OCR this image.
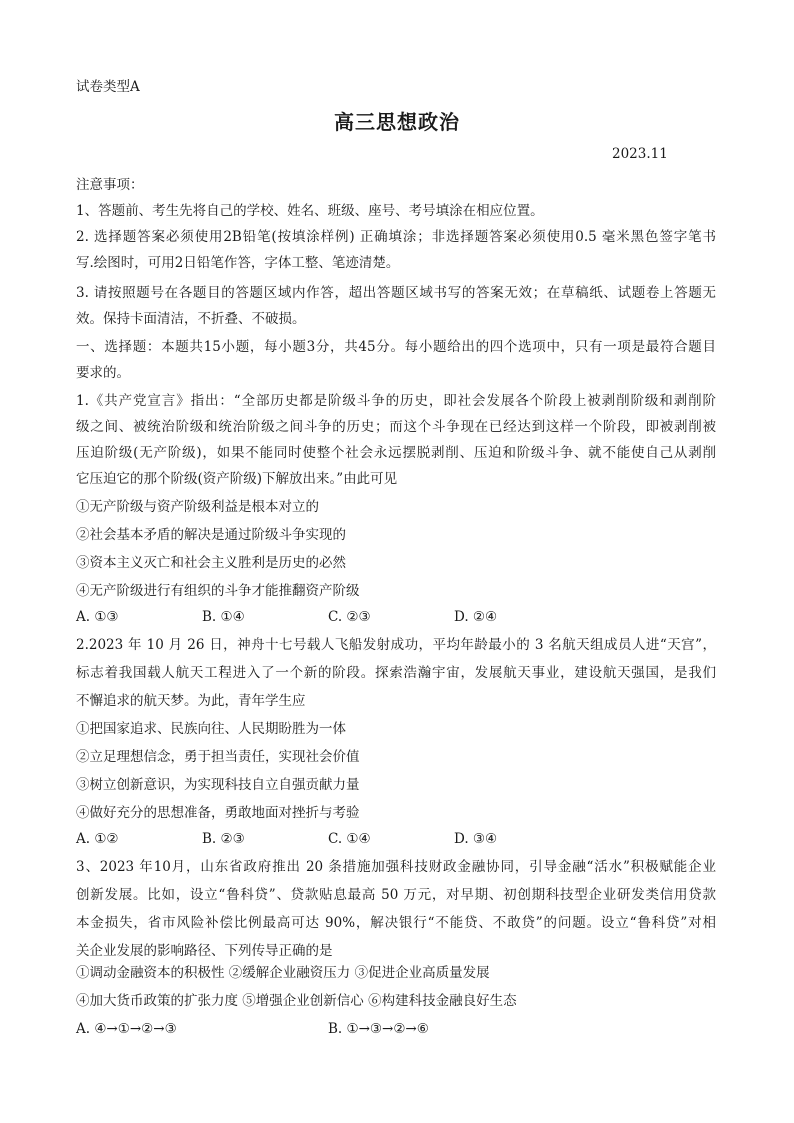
试卷类型A
高三思想政治
2023.11
注意事项：
1、答题前、考生先将自己的学校、姓名、班级、座号、考号填涂在相应位置。
2. 选择题答案必须使用2B铅笔(按填涂样例) 正确填涂；非选择题答案必须使用0.5 毫米黑色签字笔书
写.绘图时，可用2日铅笔作答，字体工整、笔迹清楚。
3. 请按照题号在各题目的答题区域内作答，超出答题区域书写的答案无效；在草稿纸、试题卷上答题无
效。保持卡面清洁，不折叠、不破损。
一、选择题：本题共15小题，每小题3分，共45分。每小题给出的四个选项中，只有一项是最符合题目
要求的。
1.《共产党宣言》指出：“全部历史都是阶级斗争的历史，即社会发展各个阶段上被剥削阶级和剥削阶
级之间、被统治阶级和统治阶级之间斗争的历史；而这个斗争现在已经达到这样一个阶段，即被剥削被
压迫阶级(无产阶级)，如果不能同时使整个社会永远摆脱剥削、压迫和阶级斗争、就不能使自己从剥削
它压迫它的那个阶级(资产阶级)下解放出来。”由此可见
①无产阶级与资产阶级利益是根本对立的
②社会基本矛盾的解决是通过阶级斗争实现的
③资本主义灭亡和社会主义胜利是历史的必然
④无产阶级进行有组织的斗争才能推翻资产阶级
A. ①③	B. ①④	C. ②③	D. ②④
2.2023 年 10 月 26 日，神舟十七号载人飞船发射成功，平均年龄最小的 3 名航天组成员人进“天宫”，
标志着我国载人航天工程进入了一个新的阶段。探索浩瀚宇宙，发展航天事业，建设航天强国，是我们
不懈追求的航天梦。为此，青年学生应
①把国家追求、民族向往、人民期盼胜为一体
②立足理想信念，勇于担当责任，实现社会价值
③树立创新意识，为实现科技自立自强贡献力量
④做好充分的思想准备，勇敢地面对挫折与考验
A. ①②	B. ②③	C. ①④	D. ③④
3、2023 年10月，山东省政府推出 20 条措施加强科技财政金融协同，引导金融“活水”积极赋能企业
创新发展。比如，设立“鲁科贷”、贷款贴息最高 50 万元，对早期、初创期科技型企业研发类信用贷款
本金损失，省市风险补偿比例最高可达 90%，解决银行“不能贷、不敢贷”的问题。设立“鲁科贷”对相
关企业发展的影响路径、下列传导正确的是
①调动金融资本的积极性 ②缓解企业融资压力 ③促进企业高质量发展
④加大货币政策的扩张力度 ⑤增强企业创新信心 ⑥构建科技金融良好生态
A. ④→①→②→③	B. ①→③→②→⑥
